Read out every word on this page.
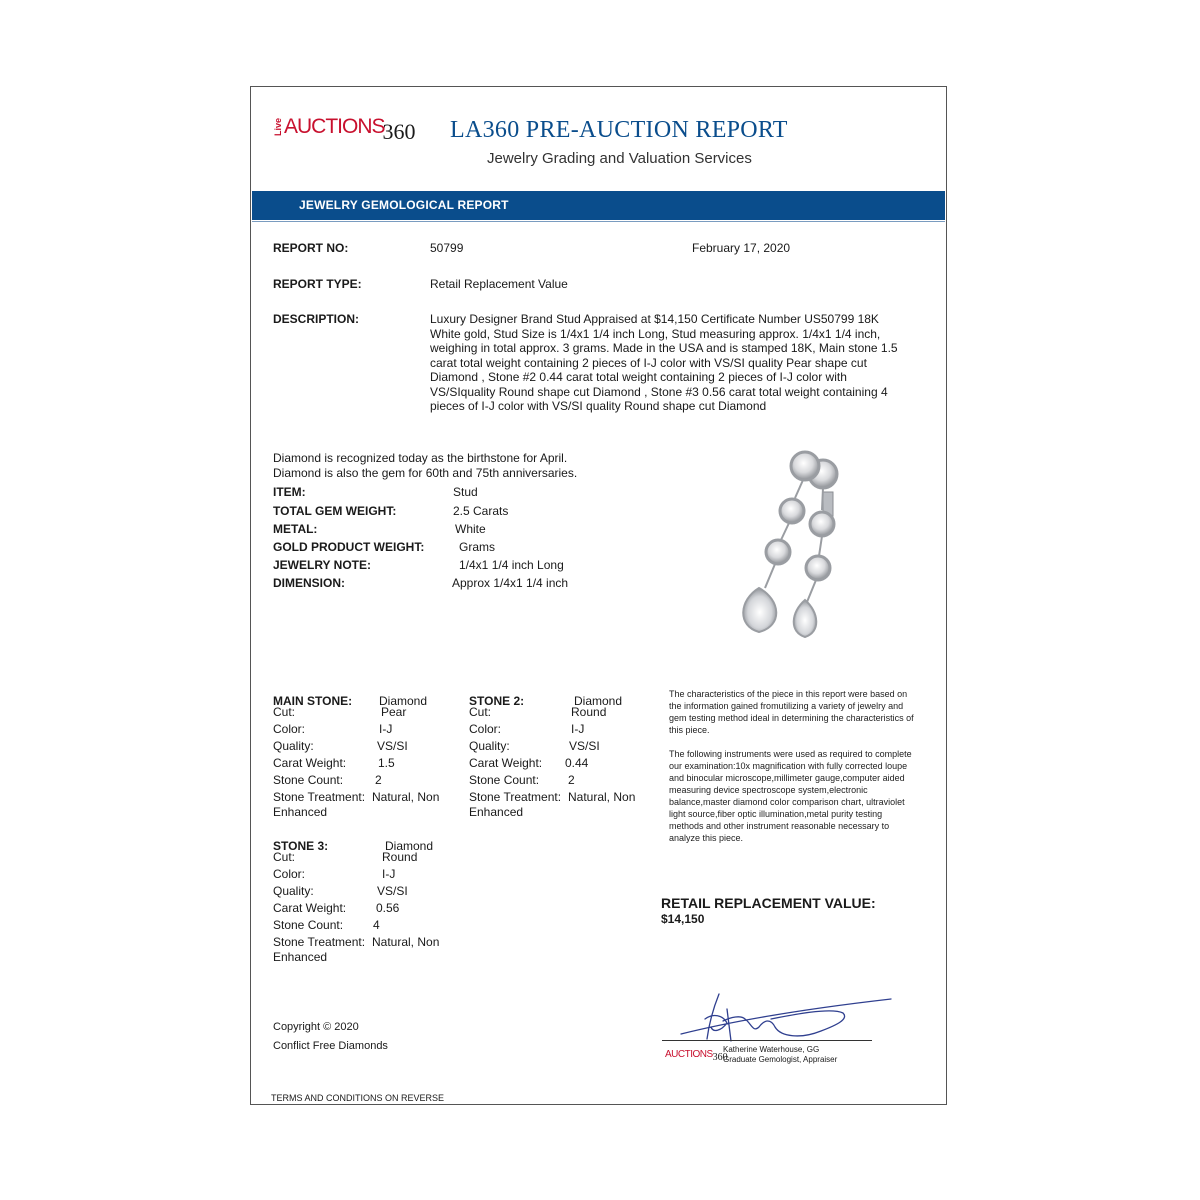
LiveAUCTIONS360 LA360 PRE-AUCTION REPORT
Jewelry Grading and Valuation Services
JEWELRY GEMOLOGICAL REPORT
REPORT NO:	50799	February 17, 2020
REPORT TYPE:	Retail Replacement Value
DESCRIPTION:	Luxury Designer Brand Stud Appraised at $14,150 Certificate Number US50799 18K White gold, Stud Size is 1/4x1 1/4 inch Long, Stud measuring approx. 1/4x1 1/4 inch, weighing in total approx. 3 grams. Made in the USA and is stamped 18K, Main stone 1.5 carat total weight containing 2 pieces of I-J color with VS/SI quality Pear shape cut Diamond , Stone #2 0.44 carat total weight containing 2 pieces of I-J color with VS/SIquality Round shape cut Diamond , Stone #3 0.56 carat total weight containing 4 pieces of I-J color with VS/SI quality Round shape cut Diamond
Diamond is recognized today as the birthstone for April.
Diamond is also the gem for 60th and 75th anniversaries.
ITEM:	Stud
TOTAL GEM WEIGHT:	2.5 Carats
METAL:	White
GOLD PRODUCT WEIGHT:	Grams
JEWELRY NOTE:	1/4x1 1/4 inch Long
DIMENSION:	Approx 1/4x1 1/4 inch
MAIN STONE: Diamond
Cut:	Pear
Color:	I-J
Quality:	VS/SI
Carat Weight:	1.5
Stone Count:	2
Stone Treatment: Natural, Non
Enhanced
STONE 2:	Diamond
Cut:	Round
Color:	I-J
Quality:	VS/SI
Carat Weight: 0.44
Stone Count: 2
Stone Treatment: Natural, Non
Enhanced
STONE 3:	Diamond
Cut:	Round
Color:	I-J
Quality:	VS/SI
Carat Weight: 0.56
Stone Count: 4
Stone Treatment: Natural, Non
Enhanced
The characteristics of the piece in this report were based on the information gained fromutilizing a variety of jewelry and gem testing method ideal in determining the characteristics of this piece.
The following instruments were used as required to complete our examination:10x magnification with fully corrected loupe and binocular microscope,millimeter gauge,computer aided measuring device spectroscope system,electronic balance,master diamond color comparison chart, ultraviolet light source,fiber optic illumination,metal purity testing methods and other instrument reasonable necessary to analyze this piece.
RETAIL REPLACEMENT VALUE:
$14,150
AUCTIONS360
Katherine Waterhouse, GG
Graduate Gemologist, Appraiser
Copyright © 2020
Conflict Free Diamonds
TERMS AND CONDITIONS ON REVERSE
